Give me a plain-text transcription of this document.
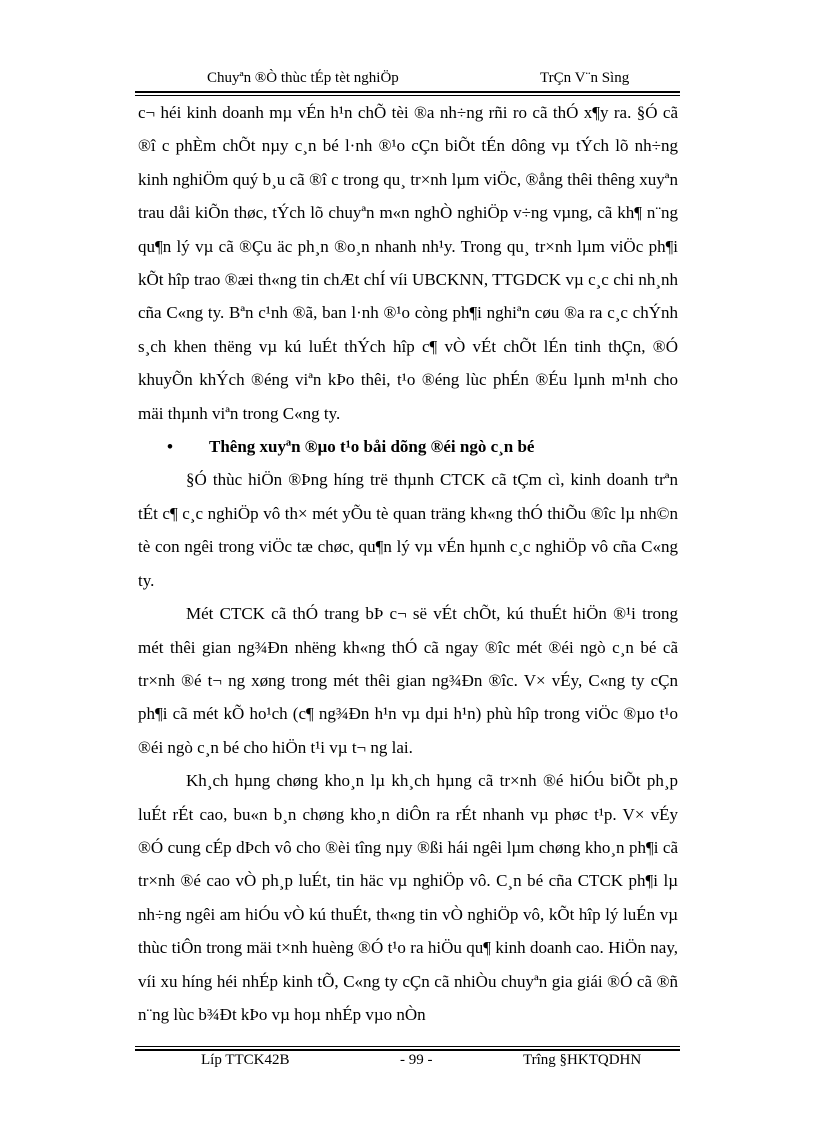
Chuyªn ®Ò thùc tÉp tèt nghiÖp	TrÇn V¨n Sìng

c¬ héi kinh doanh mµ vÉn h¹n chÕ tèi ®a nh÷ng rñi ro cã thÓ x¶y ra. §Ó cã ®î c phÈm chÕt nµy c¸n bé l·nh ®¹o cÇn biÕt tÉn dông vµ tÝch lõ nh÷ng kinh nghiÖm quý b¸u cã ®î c trong qu¸ tr×nh lµm viÖc, ®ång thêi thêng xuyªn trau dåi kiÕn thøc, tÝch lõ chuyªn m«n nghÒ nghiÖp v÷ng vµng, cã kh¶ n¨ng qu¶n lý vµ cã ®Çu äc ph¸n ®o¸n nhanh nh¹y. Trong qu¸ tr×nh lµm viÖc ph¶i kÕt hîp trao ®æi th«ng tin chÆt chÍ víi UBCKNN, TTGDCK vµ c¸c chi nh¸nh cña C«ng ty. Bªn c¹nh ®ã, ban l·nh ®¹o còng ph¶i nghiªn cøu ®a ra c¸c chÝnh s¸ch khen thëng vµ kú luÉt thÝch hîp c¶ vÒ vÉt chÕt lÉn tinh thÇn, ®Ó khuyÕn khÝch ®éng viªn kÞo thêi, t¹o ®éng lùc phÉn ®Éu lµnh m¹nh cho mäi thµnh viªn trong C«ng ty.

• Thêng xuyªn ®µo t¹o båi dõng ®éi ngò c¸n bé

§Ó thùc hiÖn ®Þng híng trë thµnh CTCK cã tÇm cì, kinh doanh trªn tÉt c¶ c¸c nghiÖp vô th× mét yÕu tè quan träng kh«ng thÓ thiÕu ®îc lµ nh©n tè con ngêi trong viÖc tæ chøc, qu¶n lý vµ vÉn hµnh c¸c nghiÖp vô cña C«ng ty.

Mét CTCK cã thÓ trang bÞ c¬ së vÉt chÕt, kú thuÉt hiÖn ®¹i trong mét thêi gian ng¾Ðn nhëng kh«ng thÓ cã ngay ®îc mét ®éi ngò c¸n bé cã tr×nh ®é t¬ ng xøng trong mét thêi gian ng¾Ðn ®îc. V× vÉy, C«ng ty cÇn ph¶i cã mét kÕ ho¹ch (c¶ ng¾Ðn h¹n vµ dµi h¹n) phù hîp trong viÖc ®µo t¹o ®éi ngò c¸n bé cho hiÖn t¹i vµ t¬ ng lai.

Kh¸ch hµng chøng kho¸n lµ kh¸ch hµng cã tr×nh ®é hiÓu biÕt ph¸p luÉt rÉt cao, bu«n b¸n chøng kho¸n diÔn ra rÉt nhanh vµ phøc t¹p. V× vÉy ®Ó cung cÉp dÞch vô cho ®èi tîng nµy ®ßi hái ngêi lµm chøng kho¸n ph¶i cã tr×nh ®é cao vÒ ph¸p luÉt, tin häc vµ nghiÖp vô. C¸n bé cña CTCK ph¶i lµ nh÷ng ngêi am hiÓu vÒ kú thuÉt, th«ng tin vÒ nghiÖp vô, kÕt hîp lý luÉn vµ thùc tiÔn trong mäi t×nh huèng ®Ó t¹o ra hiÖu qu¶ kinh doanh cao. HiÖn nay, víi xu híng héi nhÉp kinh tÕ, C«ng ty cÇn cã nhiÒu chuyªn gia giái ®Ó cã ®ñ n¨ng lùc b¾Ðt kÞo vµ hoµ nhÉp vµo nÒn

Líp TTCK42B	- 99 -	Trîng §HKTQDHN
